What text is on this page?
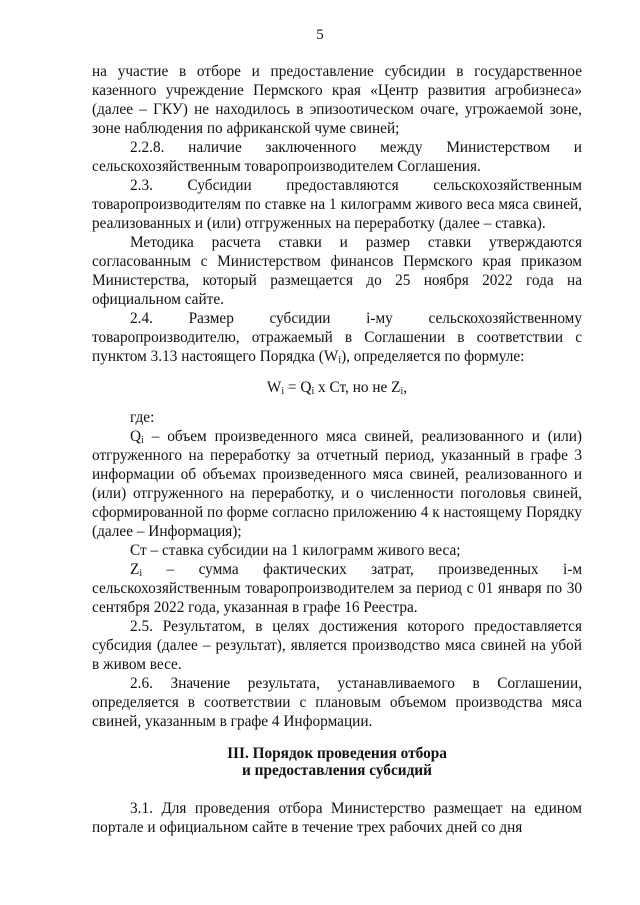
5

на участие в отборе и предоставление субсидии в государственное казенного учреждение Пермского края «Центр развития агробизнеса» (далее – ГКУ) не находилось в эпизоотическом очаге, угрожаемой зоне, зоне наблюдения по африканской чуме свиней;

2.2.8. наличие заключенного между Министерством и сельскохозяйственным товаропроизводителем Соглашения.

2.3. Субсидии предоставляются сельскохозяйственным товаропроизводителям по ставке на 1 килограмм живого веса мяса свиней, реализованных и (или) отгруженных на переработку (далее – ставка).

Методика расчета ставки и размер ставки утверждаются согласованным с Министерством финансов Пермского края приказом Министерства, который размещается до 25 ноября 2022 года на официальном сайте.

2.4. Размер субсидии i-му сельскохозяйственному товаропроизводителю, отражаемый в Соглашении в соответствии с пунктом 3.13 настоящего Порядка $(W_i)$, определяется по формуле:

$W_i = Q_i$ х Ст, но не $Z_i$,

где:

$Q_i$ – объем произведенного мяса свиней, реализованного и (или) отгруженного на переработку за отчетный период, указанный в графе 3 информации об объемах произведенного мяса свиней, реализованного и (или) отгруженного на переработку, и о численности поголовья свиней, сформированной по форме согласно приложению 4 к настоящему Порядку (далее – Информация);

Ст – ставка субсидии на 1 килограмм живого веса;

$Z_i$ – сумма фактических затрат, произведенных i-м сельскохозяйственным товаропроизводителем за период с 01 января по 30 сентября 2022 года, указанная в графе 16 Реестра.

2.5. Результатом, в целях достижения которого предоставляется субсидия (далее – результат), является производство мяса свиней на убой в живом весе.

2.6. Значение результата, устанавливаемого в Соглашении, определяется в соответствии с плановым объемом производства мяса свиней, указанным в графе 4 Информации.

III. Порядок проведения отбора
и предоставления субсидий

3.1. Для проведения отбора Министерство размещает на едином портале и официальном сайте в течение трех рабочих дней со дня
